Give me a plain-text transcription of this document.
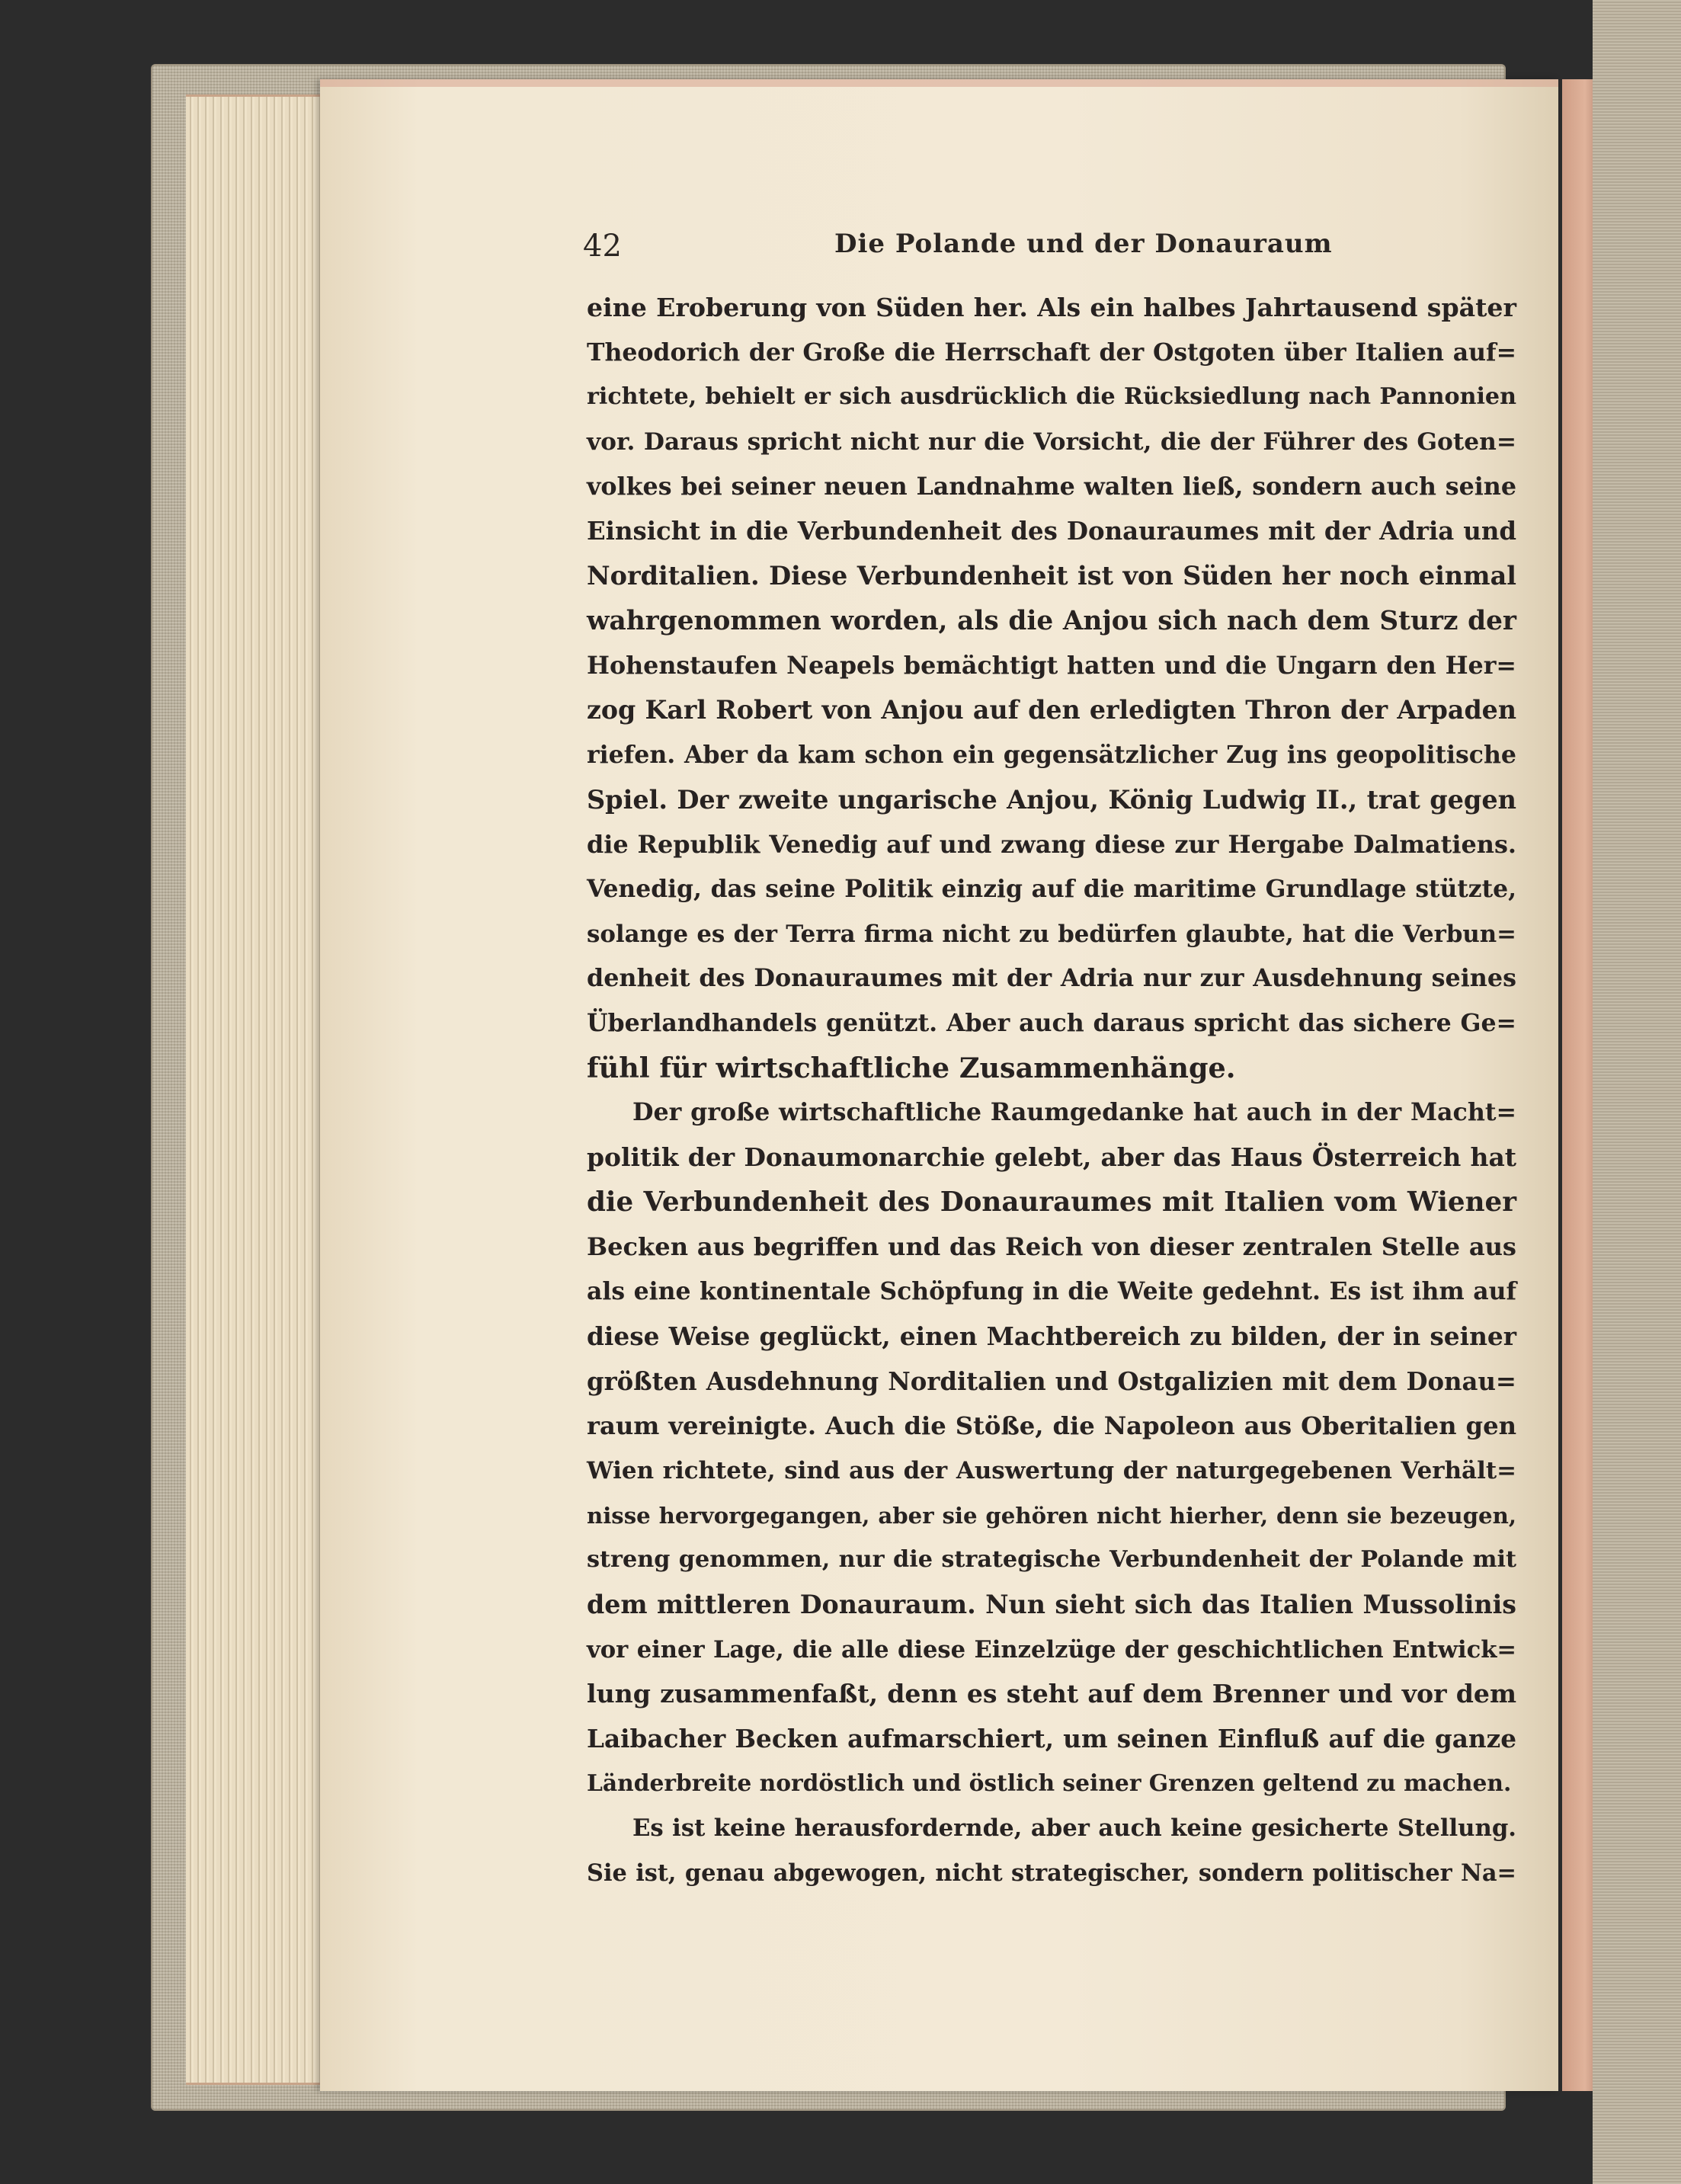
42	Die Polande und der Donauraum
eine Eroberung von Süden her. Als ein halbes Jahrtausend später
Theodorich der Große die Herrschaft der Ostgoten über Italien auf=
richtete, behielt er sich ausdrücklich die Rücksiedlung nach Pannonien
vor. Daraus spricht nicht nur die Vorsicht, die der Führer des Goten=
volkes bei seiner neuen Landnahme walten ließ, sondern auch seine
Einsicht in die Verbundenheit des Donauraumes mit der Adria und
Norditalien. Diese Verbundenheit ist von Süden her noch einmal
wahrgenommen worden, als die Anjou sich nach dem Sturz der
Hohenstaufen Neapels bemächtigt hatten und die Ungarn den Her=
zog Karl Robert von Anjou auf den erledigten Thron der Arpaden
riefen. Aber da kam schon ein gegensätzlicher Zug ins geopolitische
Spiel. Der zweite ungarische Anjou, König Ludwig II., trat gegen
die Republik Venedig auf und zwang diese zur Hergabe Dalmatiens.
Venedig, das seine Politik einzig auf die maritime Grundlage stützte,
solange es der Terra firma nicht zu bedürfen glaubte, hat die Verbun=
denheit des Donauraumes mit der Adria nur zur Ausdehnung seines
Überlandhandels genützt. Aber auch daraus spricht das sichere Ge=
fühl für wirtschaftliche Zusammenhänge.
Der große wirtschaftliche Raumgedanke hat auch in der Macht=
politik der Donaumonarchie gelebt, aber das Haus Österreich hat
die Verbundenheit des Donauraumes mit Italien vom Wiener
Becken aus begriffen und das Reich von dieser zentralen Stelle aus
als eine kontinentale Schöpfung in die Weite gedehnt. Es ist ihm auf
diese Weise geglückt, einen Machtbereich zu bilden, der in seiner
größten Ausdehnung Norditalien und Ostgalizien mit dem Donau=
raum vereinigte. Auch die Stöße, die Napoleon aus Oberitalien gen
Wien richtete, sind aus der Auswertung der naturgegebenen Verhält=
nisse hervorgegangen, aber sie gehören nicht hierher, denn sie bezeugen,
streng genommen, nur die strategische Verbundenheit der Polande mit
dem mittleren Donauraum. Nun sieht sich das Italien Mussolinis
vor einer Lage, die alle diese Einzelzüge der geschichtlichen Entwick=
lung zusammenfaßt, denn es steht auf dem Brenner und vor dem
Laibacher Becken aufmarschiert, um seinen Einfluß auf die ganze
Länderbreite nordöstlich und östlich seiner Grenzen geltend zu machen.
Es ist keine herausfordernde, aber auch keine gesicherte Stellung.
Sie ist, genau abgewogen, nicht strategischer, sondern politischer Na=
